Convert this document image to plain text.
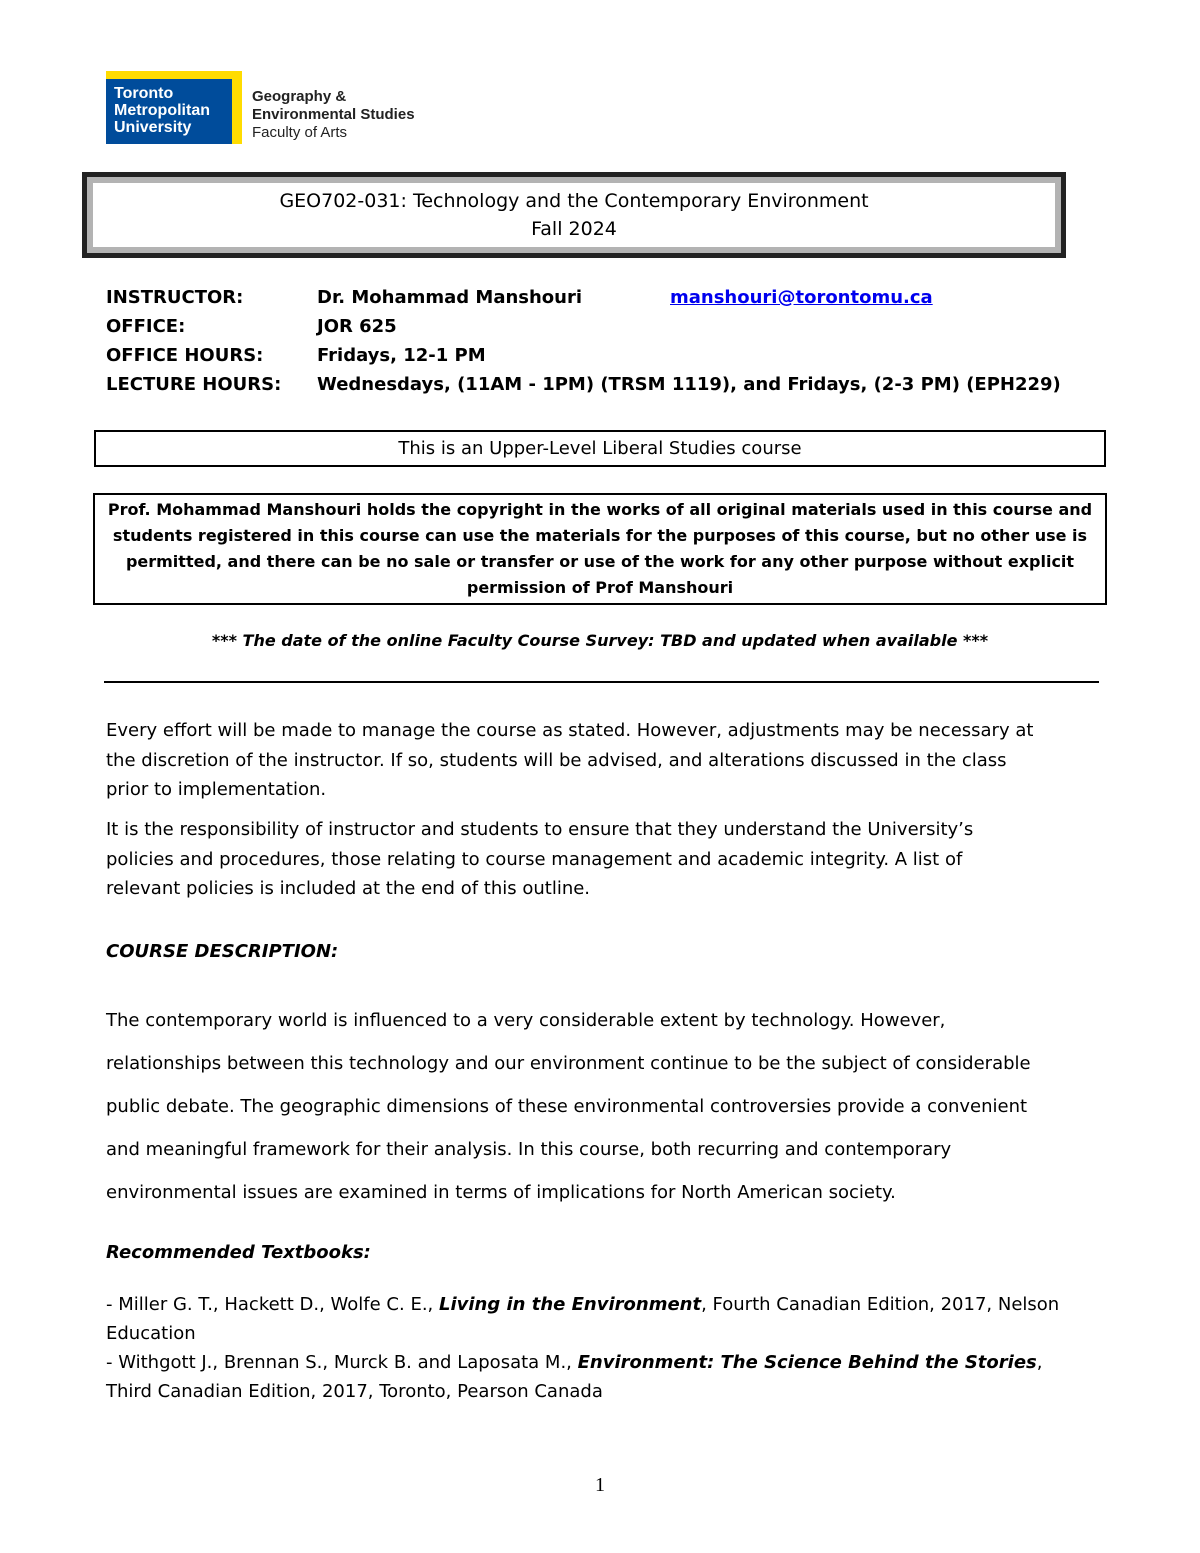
Toronto
Metropolitan
University
Geography &
Environmental Studies
Faculty of Arts
GEO702-031: Technology and the Contemporary Environment
Fall 2024
INSTRUCTOR:	Dr. Mohammad Manshouri	manshouri@torontomu.ca
OFFICE:	JOR 625
OFFICE HOURS:	Fridays, 12-1 PM
LECTURE HOURS: Wednesdays, (11AM - 1PM) (TRSM 1119), and Fridays, (2-3 PM) (EPH229)
This is an Upper-Level Liberal Studies course
Prof. Mohammad Manshouri holds the copyright in the works of all original materials used in this course and
students registered in this course can use the materials for the purposes of this course, but no other use is
permitted, and there can be no sale or transfer or use of the work for any other purpose without explicit
permission of Prof Manshouri
*** The date of the online Faculty Course Survey: TBD and updated when available ***
Every effort will be made to manage the course as stated. However, adjustments may be necessary at
the discretion of the instructor. If so, students will be advised, and alterations discussed in the class
prior to implementation.
It is the responsibility of instructor and students to ensure that they understand the University’s
policies and procedures, those relating to course management and academic integrity. A list of
relevant policies is included at the end of this outline.
COURSE DESCRIPTION:
The contemporary world is influenced to a very considerable extent by technology. However,
relationships between this technology and our environment continue to be the subject of considerable
public debate. The geographic dimensions of these environmental controversies provide a convenient
and meaningful framework for their analysis. In this course, both recurring and contemporary
environmental issues are examined in terms of implications for North American society.
Recommended Textbooks:
- Miller G. T., Hackett D., Wolfe C. E., Living in the Environment, Fourth Canadian Edition, 2017, Nelson
Education
- Withgott J., Brennan S., Murck B. and Laposata M., Environment: The Science Behind the Stories,
Third Canadian Edition, 2017, Toronto, Pearson Canada
1
